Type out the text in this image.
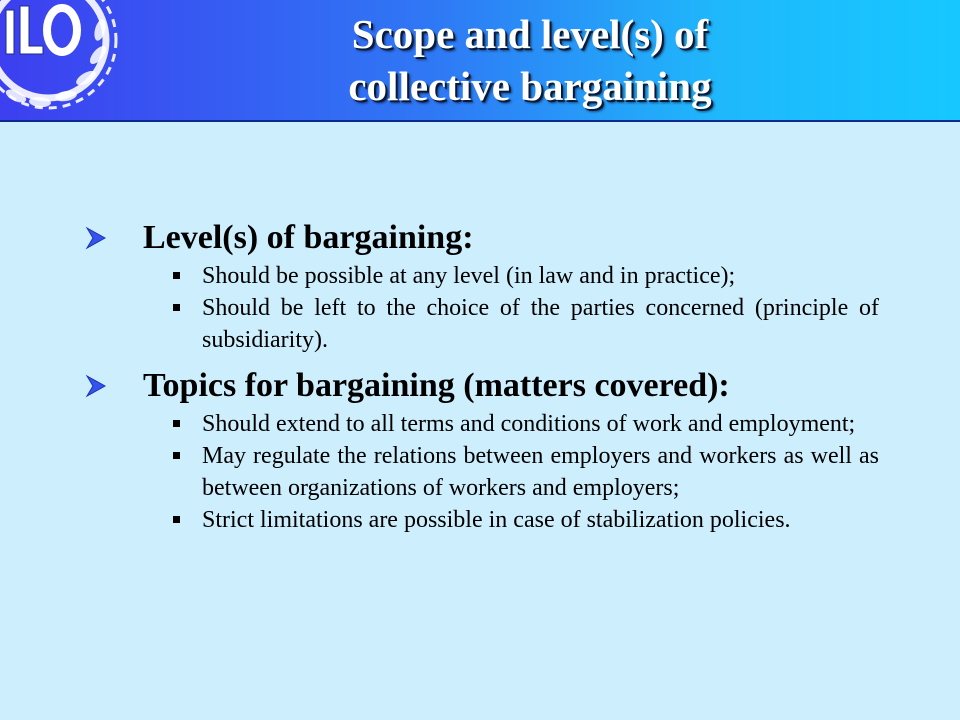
Scope and level(s) of
collective bargaining
Level(s) of bargaining:
Should be possible at any level (in law and in practice);
Should be left to the choice of the parties concerned (principle of subsidiarity).
Topics for bargaining (matters covered):
Should extend to all terms and conditions of work and employment;
May regulate the relations between employers and workers as well as between organizations of workers and employers;
Strict limitations are possible in case of stabilization policies.
